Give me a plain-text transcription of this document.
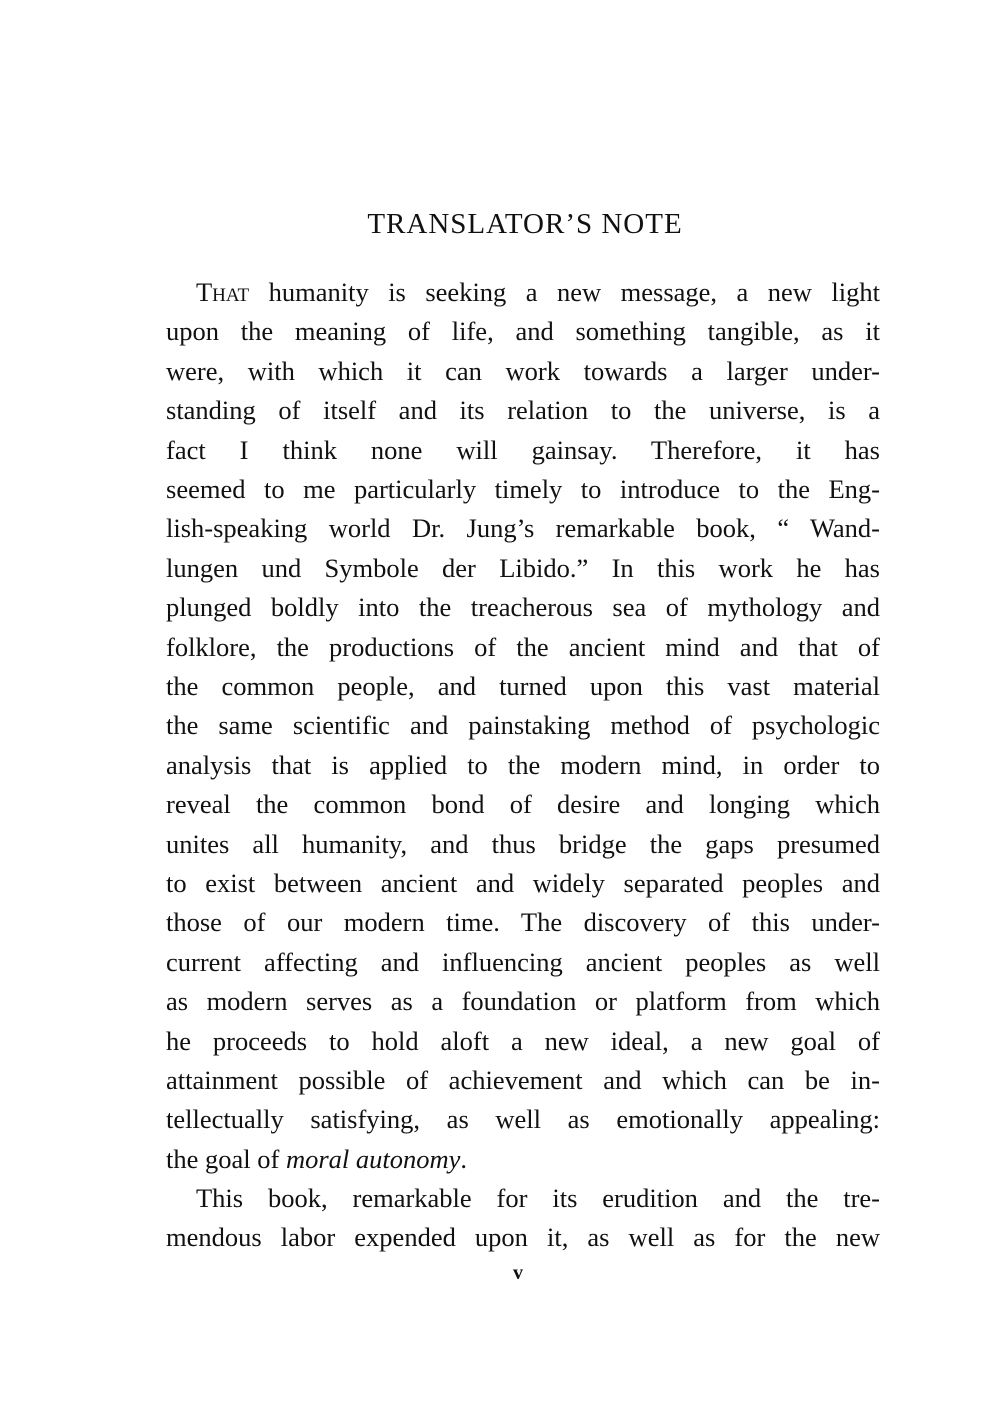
TRANSLATOR’S NOTE
That humanity is seeking a new message, a new light
upon the meaning of life, and something tangible, as it
were, with which it can work towards a larger under-
standing of itself and its relation to the universe, is a
fact I think none will gainsay. Therefore, it has
seemed to me particularly timely to introduce to the Eng-
lish-speaking world Dr. Jung’s remarkable book, “ Wand-
lungen und Symbole der Libido.” In this work he has
plunged boldly into the treacherous sea of mythology and
folklore, the productions of the ancient mind and that of
the common people, and turned upon this vast material
the same scientific and painstaking method of psychologic
analysis that is applied to the modern mind, in order to
reveal the common bond of desire and longing which
unites all humanity, and thus bridge the gaps presumed
to exist between ancient and widely separated peoples and
those of our modern time. The discovery of this under-
current affecting and influencing ancient peoples as well
as modern serves as a foundation or platform from which
he proceeds to hold aloft a new ideal, a new goal of
attainment possible of achievement and which can be in-
tellectually satisfying, as well as emotionally appealing:
the goal of moral autonomy.
This book, remarkable for its erudition and the tre-
mendous labor expended upon it, as well as for the new
v
